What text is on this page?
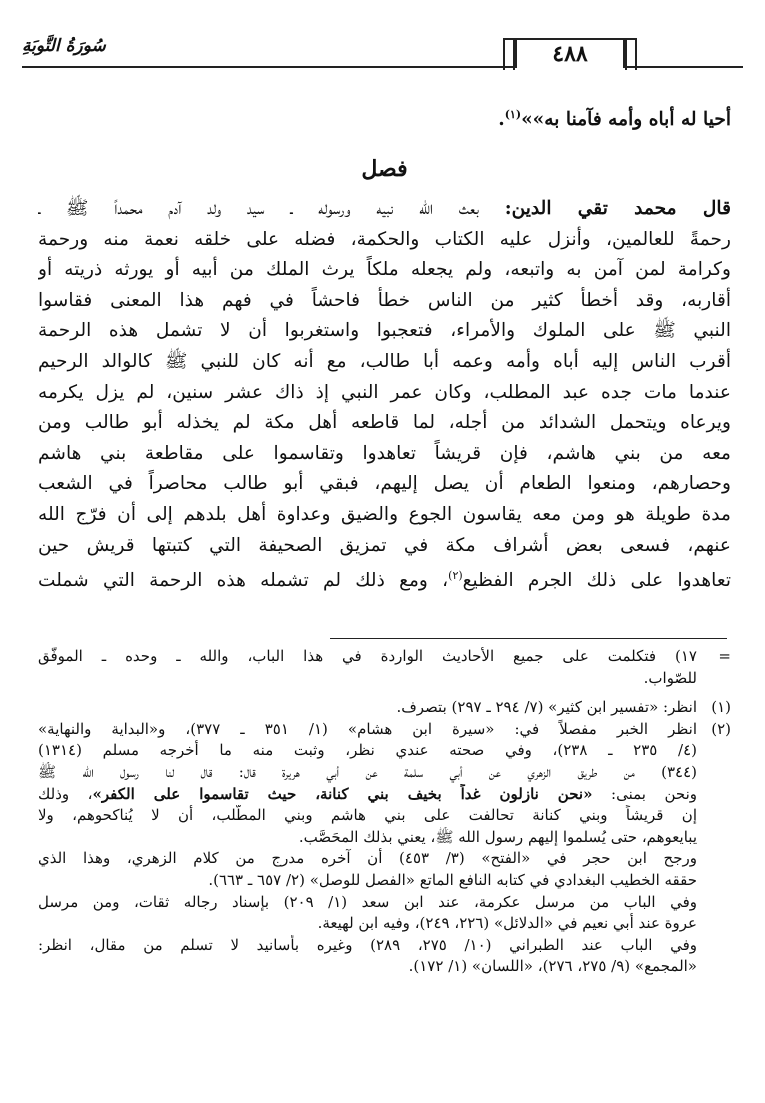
٤٨٨
سُورَةُ التَّوبَةِ
أحيا له أباه وأمه فآمنا به»»$^{(١)}$.
فصل
قال محمد تقي الدين: بعث الله نبيه ورسوله ـ سيد ولد آدم محمداً ﷺ ـ
رحمةً للعالمين، وأنزل عليه الكتاب والحكمة، فضله على خلقه نعمة منه ورحمة
وكرامة لمن آمن به واتبعه، ولم يجعله ملكاً يرث الملك من أبيه أو يورثه ذريته أو
أقاربه، وقد أخطأ كثير من الناس خطأً فاحشاً في فهم هذا المعنى فقاسوا
النبي ﷺ على الملوك والأمراء، فتعجبوا واستغربوا أن لا تشمل هذه الرحمة
أقرب الناس إليه أباه وأمه وعمه أبا طالب، مع أنه كان للنبي ﷺ كالوالد الرحيم
عندما مات جده عبد المطلب، وكان عمر النبي إذ ذاك عشر سنين، لم يزل يكرمه
ويرعاه ويتحمل الشدائد من أجله، لما قاطعه أهل مكة لم يخذله أبو طالب ومن
معه من بني هاشم، فإن قريشاً تعاهدوا وتقاسموا على مقاطعة بني هاشم
وحصارهم، ومنعوا الطعام أن يصل إليهم، فبقي أبو طالب محاصراً في الشعب
مدة طويلة هو ومن معه يقاسون الجوع والضيق وعداوة أهل بلدهم إلى أن فرّج الله
عنهم، فسعى بعض أشراف مكة في تمزيق الصحيفة التي كتبتها قريش حين
تعاهدوا على ذلك الجرم الفظيع$^{(٢)}$، ومع ذلك لم تشمله هذه الرحمة التي شملت
=١٧) فتكلمت على جميع الأحاديث الواردة في هذا الباب، والله ـ وحده ـ الموفّق
للصّواب.
(١)انظر: «تفسير ابن كثير» (٧/ ٢٩٤ ـ ٢٩٧) بتصرف.
(٢)انظر الخبر مفصلاً في: «سيرة ابن هشام» (١/ ٣٥١ ـ ٣٧٧)، و«البداية والنهاية»
(٤/ ٢٣٥ ـ ٢٣٨)، وفي صحته عندي نظر، وثبت منه ما أخرجه مسلم (١٣١٤)
(٣٤٤) من طريق الزهري عن أبي سلمة عن أبي هريرة قال: قال لنا رسول الله ﷺ
ونحن بمنى: «نحن نازلون غداً بخيف بني كنانة، حيث تقاسموا على الكفر»، وذلك
إن قريشاً وبني كنانة تحالفت على بني هاشم وبني المطّلب، أن لا يُناكحوهم، ولا
يبايعوهم، حتى يُسلموا إليهم رسول الله ﷺ، يعني بذلك المحَصَّب.
ورجح ابن حجر في «الفتح» (٣/ ٤٥٣) أن آخره مدرج من كلام الزهري، وهذا الذي
حققه الخطيب البغدادي في كتابه النافع الماتع «الفصل للوصل» (٢/ ٦٥٧ ـ ٦٦٣).
وفي الباب من مرسل عكرمة، عند ابن سعد (١/ ٢٠٩) بإسناد رجاله ثقات، ومن مرسل
عروة عند أبي نعيم في «الدلائل» (٢٢٦، ٢٤٩)، وفيه ابن لهيعة.
وفي الباب عند الطبراني (١٠/ ٢٧٥، ٢٨٩) وغيره بأسانيد لا تسلم من مقال، انظر:
«المجمع» (٩/ ٢٧٥، ٢٧٦)، «اللسان» (١/ ١٧٢).
